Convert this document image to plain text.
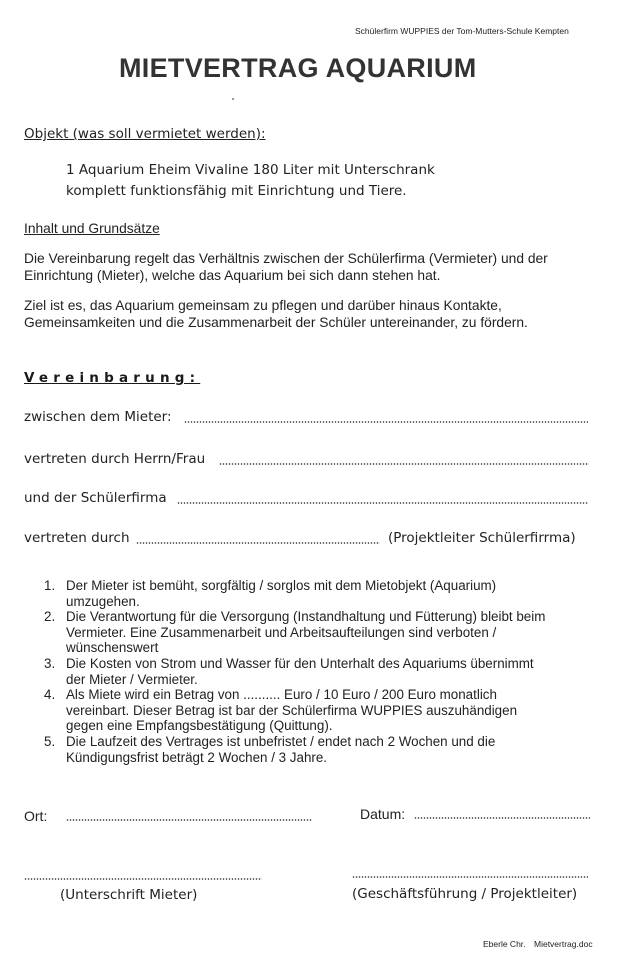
Schülerfirm WUPPIES der Tom-Mutters-Schule Kempten
MIETVERTRAG AQUARIUM
Objekt (was soll vermietet werden):
1 Aquarium Eheim Vivaline 180 Liter mit Unterschrank
komplett funktionsfähig mit Einrichtung und Tiere.
Inhalt und Grundsätze
Die Vereinbarung regelt das Verhältnis zwischen der Schülerfirma (Vermieter) und der
Einrichtung (Mieter), welche das Aquarium bei sich dann stehen hat.
Ziel ist es, das Aquarium gemeinsam zu pflegen und darüber hinaus Kontakte,
Gemeinsamkeiten und die Zusammenarbeit der Schüler untereinander, zu fördern.
Vereinbarung:
zwischen dem Mieter:
vertreten durch Herrn/Frau
und der Schülerfirma
vertreten durch	(Projektleiter Schülerfirrma)
1. Der Mieter ist bemüht, sorgfältig / sorglos mit dem Mietobjekt (Aquarium)
umzugehen.
2. Die Verantwortung für die Versorgung (Instandhaltung und Fütterung) bleibt beim
Vermieter. Eine Zusammenarbeit und Arbeitsaufteilungen sind verboten /
wünschenswert
3. Die Kosten von Strom und Wasser für den Unterhalt des Aquariums übernimmt
der Mieter / Vermieter.
4. Als Miete wird ein Betrag von .......... Euro / 10 Euro / 200 Euro monatlich
vereinbart. Dieser Betrag ist bar der Schülerfirma WUPPIES auszuhändigen
gegen eine Empfangsbestätigung (Quittung).
5. Die Laufzeit des Vertrages ist unbefristet / endet nach 2 Wochen und die
Kündigungsfrist beträgt 2 Wochen / 3 Jahre.
Ort:	Datum:
(Unterschrift Mieter)	(Geschäftsführung / Projektleiter)
Eberle Chr. Mietvertrag.doc
